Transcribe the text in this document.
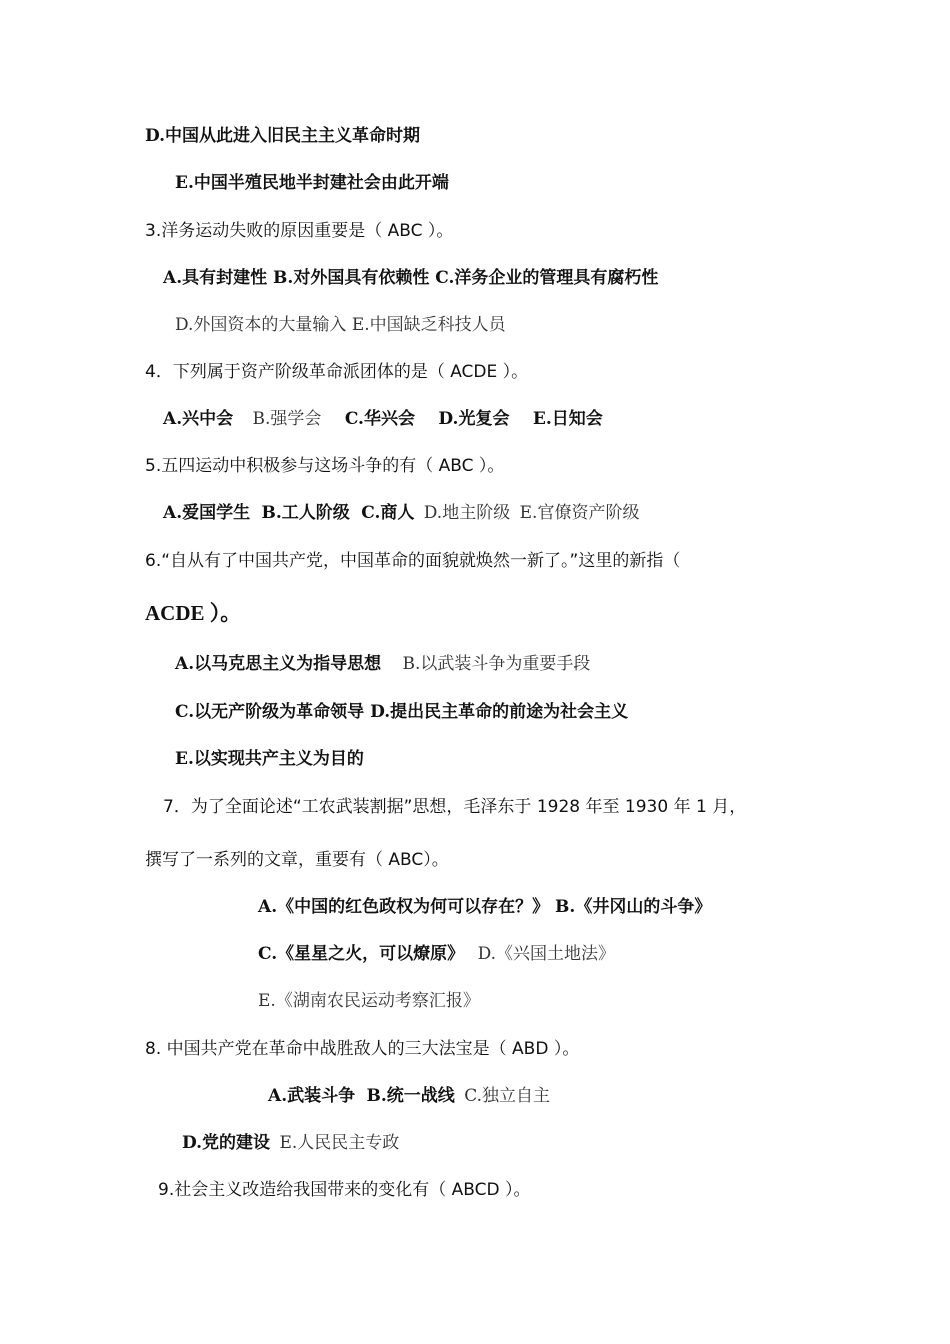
D.中国从此进入旧民主主义革命时期
E.中国半殖民地半封建社会由此开端
3.洋务运动失败的原因重要是（ ABC ）。
A.具有封建性 B.对外国具有依赖性 C.洋务企业的管理具有腐朽性
D.外国资本的大量输入 E.中国缺乏科技人员
4．下列属于资产阶级革命派团体的是（ ACDE ）。
A.兴中会 B.强学会 C.华兴会 D.光复会 E.日知会
5.五四运动中积极参与这场斗争的有（ ABC ）。
A.爱国学生 B.工人阶级 C.商人 D.地主阶级 E.官僚资产阶级
6.“自从有了中国共产党，中国革命的面貌就焕然一新了。”这里的新指（
ACDE ）。
A.以马克思主义为指导思想 B.以武装斗争为重要手段
C.以无产阶级为革命领导 D.提出民主革命的前途为社会主义
E.以实现共产主义为目的
7．为了全面论述“工农武装割据”思想，毛泽东于 1928 年至 1930 年 1 月，
撰写了一系列的文章，重要有（ ABC）。
A.《中国的红色政权为何可以存在？》 B.《井冈山的斗争》
C.《星星之火，可以燎原》 D.《兴国土地法》
E.《湖南农民运动考察汇报》
8. 中国共产党在革命中战胜敌人的三大法宝是（ ABD ）。
A.武装斗争 B.统一战线 C.独立自主
D.党的建设 E.人民民主专政
9.社会主义改造给我国带来的变化有（ ABCD ）。
